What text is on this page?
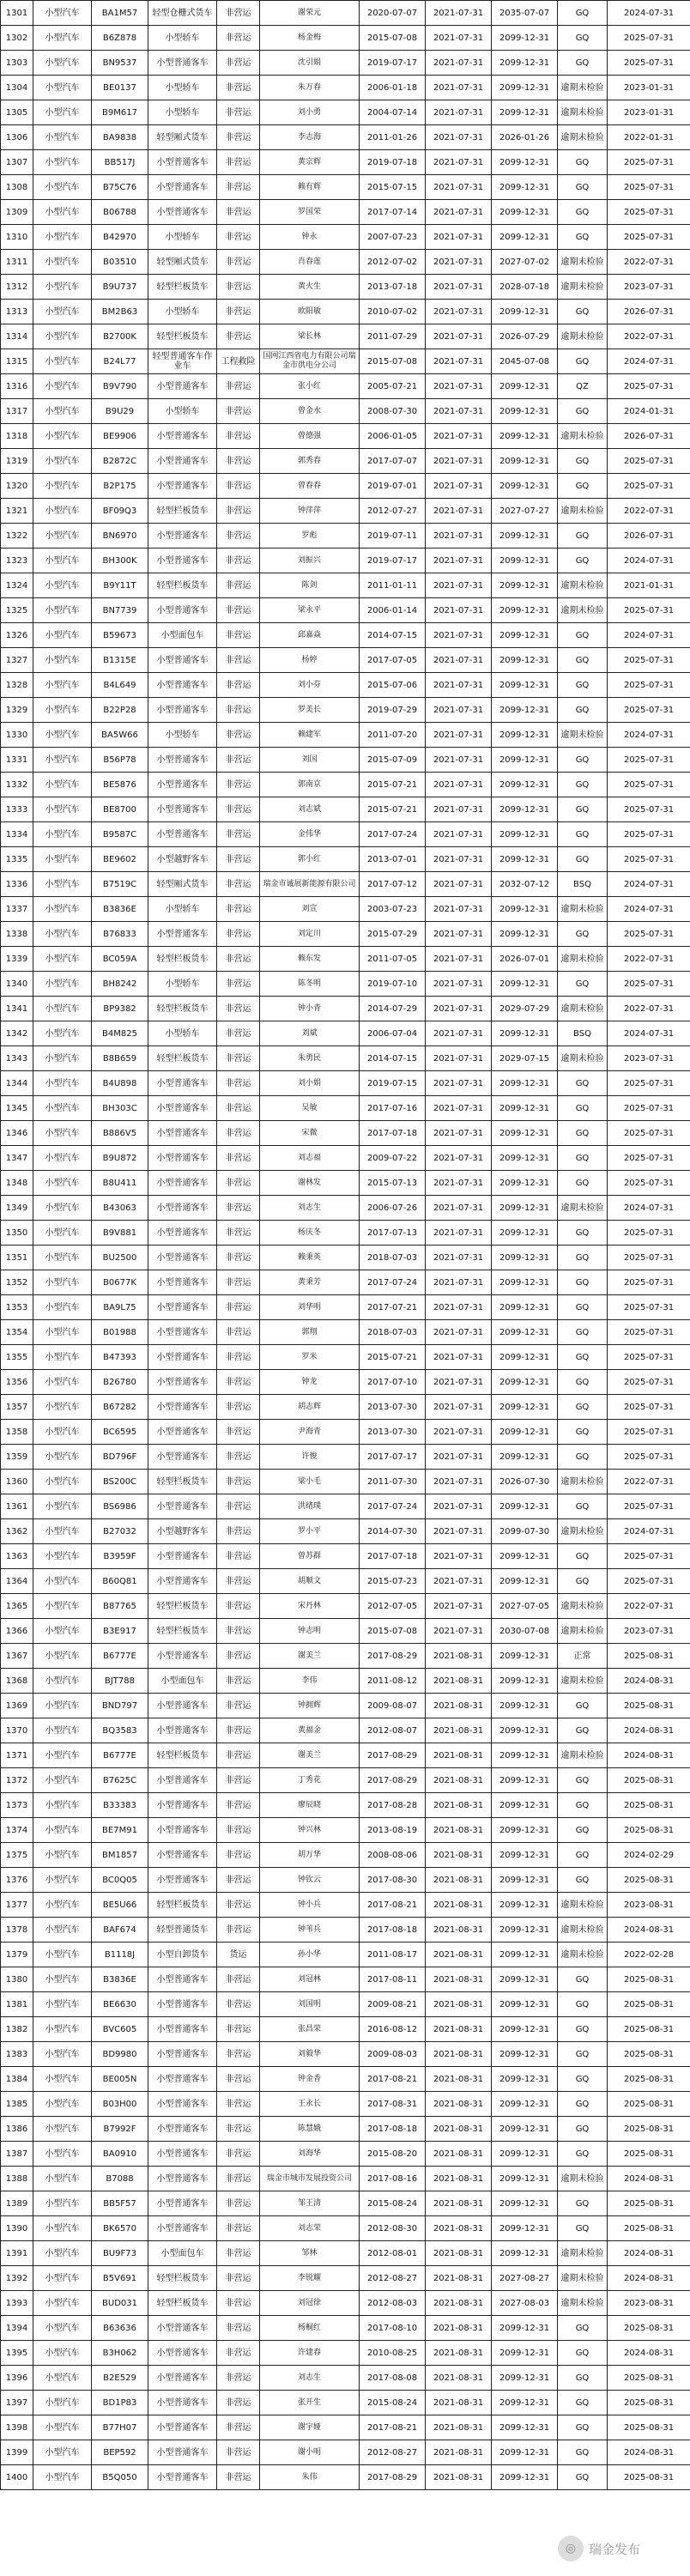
1301	小型汽车	BA1M57	轻型仓栅式货车	非营运	谢荣元	2020-07-07	2021-07-31	2035-07-07	GQ	2024-07-31
1302	小型汽车	B6Z878	小型轿车	非营运	杨金梅	2015-07-08	2021-07-31	2099-12-31	GQ	2025-07-31
1303	小型汽车	BN9537	小型普通客车	非营运	沈引娟	2019-07-17	2021-07-31	2099-12-31	GQ	2025-07-31
1304	小型汽车	BE0137	小型轿车	非营运	朱万春	2006-01-18	2021-07-31	2099-12-31	逾期未检验	2023-01-31
1305	小型汽车	B9M617	小型轿车	非营运	刘小勇	2004-07-14	2021-07-31	2099-12-31	逾期未检验	2023-01-31
1306	小型汽车	BA9838	轻型厢式货车	非营运	李志海	2011-01-26	2021-07-31	2026-01-26	逾期未检验	2022-01-31
1307	小型汽车	BB517J	小型普通客车	非营运	黄宗辉	2019-07-18	2021-07-31	2099-12-31	GQ	2025-07-31
1308	小型汽车	B75C76	小型普通客车	非营运	赖有辉	2015-07-15	2021-07-31	2099-12-31	GQ	2025-07-31
1309	小型汽车	B06788	小型普通客车	非营运	罗国荣	2017-07-14	2021-07-31	2099-12-31	GQ	2025-07-31
1310	小型汽车	B42970	小型轿车	非营运	钟永	2007-07-23	2021-07-31	2099-12-31	GQ	2025-07-31
1311	小型汽车	B03510	轻型厢式货车	非营运	肖春莲	2012-07-02	2021-07-31	2027-07-02	逾期未检验	2022-07-31
1312	小型汽车	B9U737	轻型栏板货车	非营运	黄火生	2013-07-18	2021-07-31	2028-07-18	逾期未检验	2023-07-31
1313	小型汽车	BM2B63	小型轿车	非营运	欧阳敏	2010-07-02	2021-07-31	2099-12-31	GQ	2026-07-31
1314	小型汽车	B2700K	轻型栏板货车	非营运	梁长林	2011-07-29	2021-07-31	2026-07-29	逾期未检验	2022-07-31
1315	小型汽车	B24L77	轻型普通客车作业车	工程救险	国网江西省电力有限公司瑞金市供电分公司	2015-07-08	2021-07-31	2045-07-08	GQ	2024-07-31
1316	小型汽车	B9V790	小型普通客车	非营运	张小红	2005-07-21	2021-07-31	2099-12-31	QZ	2025-07-31
1317	小型汽车	B9U29	小型轿车	非营运	曾金水	2008-07-30	2021-07-31	2099-12-31	GQ	2024-01-31
1318	小型汽车	BE9906	小型普通客车	非营运	曾德强	2006-01-05	2021-07-31	2099-12-31	逾期未检验	2026-07-31
1319	小型汽车	B2872C	小型普通客车	非营运	郭秀春	2017-07-07	2021-07-31	2099-12-31	GQ	2025-07-31
1320	小型汽车	B2P175	小型普通客车	非营运	曾春春	2019-07-01	2021-07-31	2099-12-31	GQ	2025-07-31
1321	小型汽车	BF09Q3	轻型栏板货车	非营运	钟萍萍	2012-07-27	2021-07-31	2027-07-27	逾期未检验	2022-07-31
1322	小型汽车	BN6970	小型普通客车	非营运	罗彪	2019-07-11	2021-07-31	2099-12-31	GQ	2026-07-31
1323	小型汽车	BH300K	小型普通客车	非营运	刘振兴	2019-07-17	2021-07-31	2099-12-31	GQ	2024-07-31
1324	小型汽车	B9Y11T	轻型栏板货车	非营运	陈剑	2011-01-11	2021-07-31	2099-12-31	逾期未检验	2021-01-31
1325	小型汽车	BN7739	小型普通客车	非营运	梁永平	2006-01-14	2021-07-31	2099-12-31	逾期未检验	2025-07-31
1326	小型汽车	B59673	小型面包车	非营运	邱嘉焱	2014-07-15	2021-07-31	2099-12-31	GQ	2024-07-31
1327	小型汽车	B1315E	小型普通客车	非营运	杨婷	2017-07-05	2021-07-31	2099-12-31	GQ	2025-07-31
1328	小型汽车	B4L649	小型普通客车	非营运	刘小芬	2015-07-06	2021-07-31	2099-12-31	GQ	2025-07-31
1329	小型汽车	B22P28	小型普通客车	非营运	罗美长	2019-07-29	2021-07-31	2099-12-31	GQ	2025-07-31
1330	小型汽车	BA5W66	小型轿车	非营运	赖建军	2011-07-20	2021-07-31	2099-12-31	逾期未检验	2024-07-31
1331	小型汽车	B56P78	小型普通客车	非营运	刘国	2015-07-09	2021-07-31	2099-12-31	GQ	2025-07-31
1332	小型汽车	BE5876	小型普通客车	非营运	郭南京	2015-07-21	2021-07-31	2099-12-31	GQ	2025-07-31
1333	小型汽车	BE8700	小型普通客车	非营运	刘志斌	2015-07-21	2021-07-31	2099-12-31	GQ	2025-07-31
1334	小型汽车	B9587C	小型普通客车	非营运	金伟华	2017-07-24	2021-07-31	2099-12-31	GQ	2025-07-31
1335	小型汽车	BE9602	小型越野客车	非营运	郭小红	2013-07-01	2021-07-31	2099-12-31	GQ	2025-07-31
1336	小型汽车	B7519C	轻型厢式货车	非营运	瑞金市诚展新能源有限公司	2017-07-12	2021-07-31	2032-07-12	BSQ	2024-07-31
1337	小型汽车	B3836E	小型轿车	非营运	刘宣	2003-07-23	2021-07-31	2099-12-31	逾期未检验	2024-07-31
1338	小型汽车	B76833	小型普通客车	非营运	刘定川	2015-07-29	2021-07-31	2099-12-31	GQ	2025-07-31
1339	小型汽车	BC059A	轻型栏板货车	非营运	赖东发	2011-07-05	2021-07-31	2026-07-01	逾期未检验	2022-07-31
1340	小型汽车	BH8242	小型轿车	非营运	陈冬明	2019-07-10	2021-07-31	2099-12-31	GQ	2025-07-31
1341	小型汽车	BP9382	轻型栏板货车	非营运	钟小青	2014-07-29	2021-07-31	2029-07-29	逾期未检验	2022-07-31
1342	小型汽车	B4M825	小型轿车	非营运	刘斌	2006-07-04	2021-07-31	2099-12-31	BSQ	2024-07-31
1343	小型汽车	B8B659	轻型栏板货车	非营运	朱勇民	2014-07-15	2021-07-31	2029-07-15	逾期未检验	2023-07-31
1344	小型汽车	B4U898	小型普通客车	非营运	刘小娟	2019-07-15	2021-07-31	2099-12-31	GQ	2025-07-31
1345	小型汽车	BH303C	小型普通客车	非营运	吴敏	2017-07-16	2021-07-31	2099-12-31	GQ	2025-07-31
1346	小型汽车	B886V5	小型普通客车	非营运	宋微	2017-07-18	2021-07-31	2099-12-31	GQ	2025-07-31
1347	小型汽车	B9U872	小型普通客车	非营运	刘志福	2009-07-22	2021-07-31	2099-12-31	GQ	2025-07-31
1348	小型汽车	B8U411	小型普通客车	非营运	谢林发	2015-07-13	2021-07-31	2099-12-31	GQ	2025-07-31
1349	小型汽车	B43063	小型普通客车	非营运	刘志生	2006-07-26	2021-07-31	2099-12-31	逾期未检验	2024-07-31
1350	小型汽车	B9V881	小型普通客车	非营运	杨庆冬	2017-07-13	2021-07-31	2099-12-31	GQ	2025-07-31
1351	小型汽车	BU2500	小型普通客车	非营运	赖秉英	2018-07-03	2021-07-31	2099-12-31	GQ	2025-07-31
1352	小型汽车	B0677K	小型普通客车	非营运	黄秉芳	2017-07-24	2021-07-31	2099-12-31	GQ	2025-07-31
1353	小型汽车	BA9L75	小型普通客车	非营运	刘华明	2017-07-21	2021-07-31	2099-12-31	GQ	2025-07-31
1354	小型汽车	B01988	小型普通客车	非营运	郭翔	2018-07-03	2021-07-31	2099-12-31	GQ	2025-07-31
1355	小型汽车	B47393	小型普通客车	非营运	罗米	2015-07-21	2021-07-31	2099-12-31	GQ	2025-07-31
1356	小型汽车	B26780	小型普通客车	非营运	钟龙	2017-07-10	2021-07-31	2099-12-31	GQ	2025-07-31
1357	小型汽车	B67282	小型普通客车	非营运	胡志辉	2013-07-30	2021-07-31	2099-12-31	GQ	2025-07-31
1358	小型汽车	BC6595	小型普通客车	非营运	尹海青	2013-07-30	2021-07-31	2099-12-31	GQ	2025-07-31
1359	小型汽车	BD796F	小型普通客车	非营运	许俊	2017-07-17	2021-07-31	2099-12-31	GQ	2025-07-31
1360	小型汽车	BS200C	轻型栏板货车	非营运	梁小毛	2011-07-30	2021-07-31	2026-07-30	逾期未检验	2022-07-31
1361	小型汽车	BS6986	小型普通客车	非营运	洪绪璞	2017-07-24	2021-07-31	2099-12-31	GQ	2025-07-31
1362	小型汽车	B27032	小型越野客车	非营运	罗小平	2014-07-30	2021-07-31	2099-07-30	逾期未检验	2024-07-31
1363	小型汽车	B3959F	小型普通客车	非营运	曾苏群	2017-07-18	2021-07-31	2099-12-31	GQ	2025-07-31
1364	小型汽车	B60Q81	小型普通客车	非营运	胡顺文	2015-07-23	2021-07-31	2099-12-31	GQ	2025-07-31
1365	小型汽车	B87765	轻型栏板货车	非营运	宋丹林	2012-07-05	2021-07-31	2027-07-05	逾期未检验	2022-07-31
1366	小型汽车	B3E917	轻型栏板货车	非营运	钟志明	2015-07-08	2021-07-31	2030-07-08	逾期未检验	2023-07-31
1367	小型汽车	B6777E	小型普通客车	非营运	谢美兰	2017-08-29	2021-08-31	2099-12-31	正常	2025-08-31
1368	小型汽车	BJT788	小型面包车	非营运	李伟	2011-08-12	2021-08-31	2099-12-31	逾期未检验	2024-08-31
1369	小型汽车	BND797	小型普通客车	非营运	钟拥辉	2009-08-07	2021-08-31	2099-12-31	GQ	2025-08-31
1370	小型汽车	BQ3583	小型普通客车	非营运	黄福金	2012-08-07	2021-08-31	2099-12-31	GQ	2024-08-31
1371	小型汽车	B6777E	轻型栏板货车	非营运	谢美兰	2017-08-29	2021-08-31	2099-12-31	逾期未检验	2024-08-31
1372	小型汽车	B7625C	小型普通客车	非营运	丁秀花	2017-08-29	2021-08-31	2099-12-31	GQ	2025-08-31
1373	小型汽车	B33383	小型普通客车	非营运	廖辰晓	2017-08-28	2021-08-31	2099-12-31	GQ	2025-08-31
1374	小型汽车	BE7M91	小型普通客车	非营运	钟兴林	2013-08-19	2021-08-31	2099-12-31	GQ	2025-08-31
1375	小型汽车	BM1857	小型普通客车	非营运	胡万华	2008-08-06	2021-08-31	2099-12-31	GQ	2024-02-29
1376	小型汽车	BC0Q05	小型普通客车	非营运	钟钦云	2017-08-30	2021-08-31	2099-12-31	GQ	2025-08-31
1377	小型汽车	BE5U66	轻型栏板货车	非营运	钟小兵	2017-08-21	2021-08-31	2099-12-31	逾期未检验	2023-08-31
1378	小型汽车	BAF674	轻型普通货车	非营运	钟苇兵	2017-08-18	2021-08-31	2099-12-31	逾期未检验	2024-08-31
1379	小型汽车	B1118J	小型自卸货车	货运	孙小华	2011-08-17	2021-08-31	2099-12-31	逾期未检验	2022-02-28
1380	小型汽车	B3836E	小型普通客车	非营运	刘冠林	2017-08-11	2021-08-31	2099-12-31	GQ	2025-08-31
1381	小型汽车	BE6630	小型普通客车	非营运	刘国明	2009-08-21	2021-08-31	2099-12-31	GQ	2025-08-31
1382	小型汽车	BVC605	小型普通客车	非营运	张昌荣	2016-08-12	2021-08-31	2099-12-31	GQ	2025-08-31
1383	小型汽车	BD9980	小型普通客车	非营运	刘毅华	2009-08-03	2021-08-31	2099-12-31	GQ	2025-08-31
1384	小型汽车	BE005N	小型普通客车	非营运	钟金香	2017-08-21	2021-08-31	2099-12-31	GQ	2025-08-31
1385	小型汽车	B03H00	小型普通客车	非营运	王永长	2017-08-31	2021-08-31	2099-12-31	GQ	2025-08-31
1386	小型汽车	B7992F	小型普通客车	非营运	陈慧娥	2017-08-18	2021-08-31	2099-12-31	GQ	2025-08-31
1387	小型汽车	BA0910	小型普通客车	非营运	刘海华	2015-08-20	2021-08-31	2099-12-31	GQ	2025-08-31
1388	小型汽车	B7088	小型普通客车	非营运	瑞金市城市发展投资公司	2017-08-16	2021-08-31	2099-12-31	逾期未检验	2024-08-31
1389	小型汽车	BB5F57	小型普通客车	非营运	邹王清	2015-08-24	2021-08-31	2099-12-31	GQ	2025-08-31
1390	小型汽车	BK6570	小型普通客车	非营运	刘志荣	2012-08-30	2021-08-31	2099-12-31	GQ	2025-08-31
1391	小型汽车	BU9F73	小型面包车	非营运	邹林	2012-08-01	2021-08-31	2099-12-31	逾期未检验	2024-08-31
1392	小型汽车	B5V691	轻型栏板货车	非营运	李锐耀	2012-08-27	2021-08-31	2027-08-27	逾期未检验	2024-08-31
1393	小型汽车	BUD031	轻型栏板货车	非营运	刘冠徐	2012-08-03	2021-08-31	2027-08-03	逾期未检验	2023-08-31
1394	小型汽车	B63636	小型普通客车	非营运	杨桐红	2017-08-10	2021-08-31	2099-12-31	GQ	2025-08-31
1395	小型汽车	B3H062	小型普通客车	非营运	许建春	2010-08-25	2021-08-31	2099-12-31	GQ	2024-08-31
1396	小型汽车	B2E529	小型普通客车	非营运	刘志生	2017-08-08	2021-08-31	2099-12-31	GQ	2025-08-31
1397	小型汽车	BD1P83	小型普通客车	非营运	张开生	2015-08-24	2021-08-31	2099-12-31	GQ	2025-08-31
1398	小型汽车	B77H07	小型普通客车	非营运	谢宇娅	2017-08-21	2021-08-31	2099-12-31	GQ	2025-08-31
1399	小型汽车	BEP592	小型普通客车	非营运	谢小明	2012-08-27	2021-08-31	2099-12-31	GQ	2024-08-31
1400	小型汽车	B5Q050	小型普通客车	非营运	朱伟	2017-08-29	2021-08-31	2099-12-31	GQ	2025-08-31
◎ 瑞金发布
